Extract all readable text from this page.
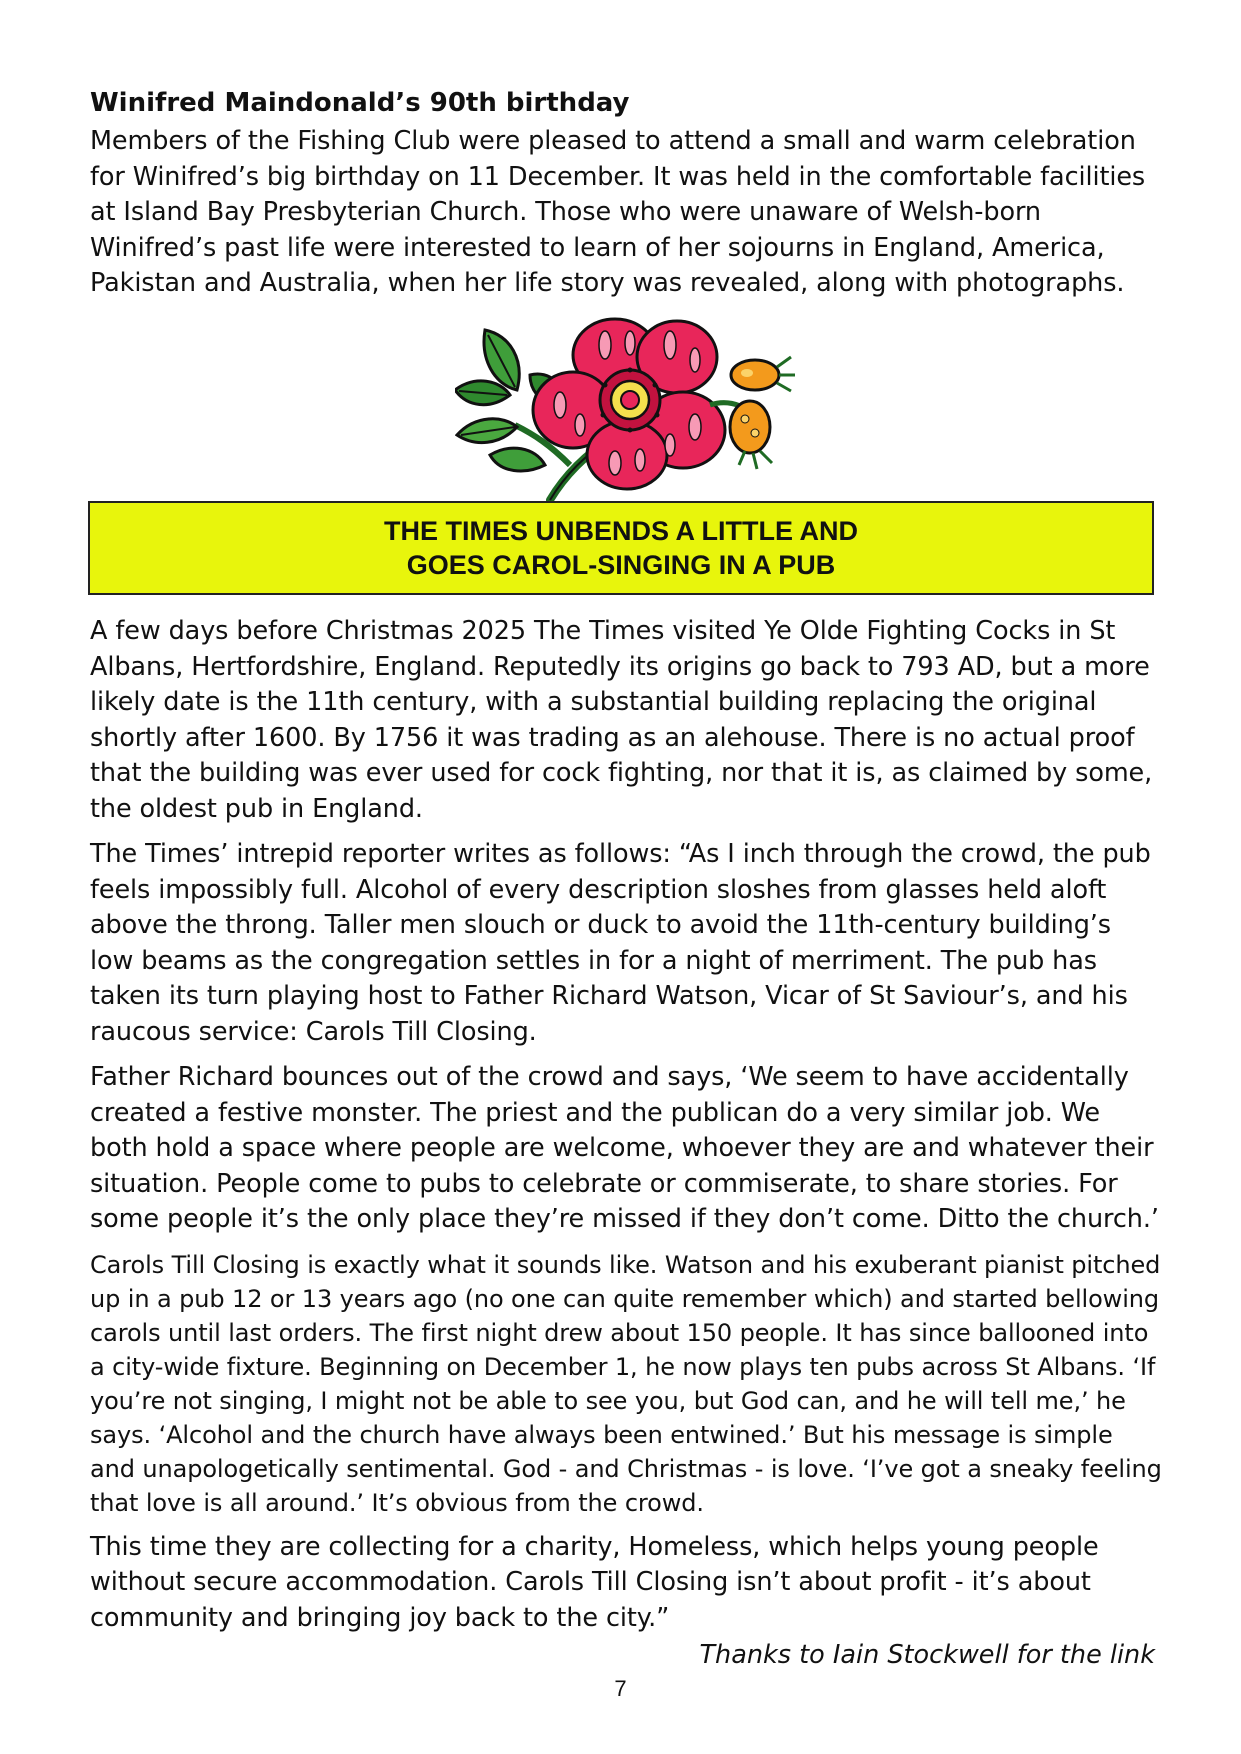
Winifred Maindonald’s 90th birthday

Members of the Fishing Club were pleased to attend a small and warm celebration for Winifred’s big birthday on 11 December. It was held in the comfortable facilities at Island Bay Presbyterian Church. Those who were unaware of Welsh-born Winifred’s past life were interested to learn of her sojourns in England, America, Pakistan and Australia, when her life story was revealed, along with photographs.

THE TIMES UNBENDS A LITTLE AND
GOES CAROL-SINGING IN A PUB

A few days before Christmas 2025 The Times visited Ye Olde Fighting Cocks in St Albans, Hertfordshire, England. Reputedly its origins go back to 793 AD, but a more likely date is the 11th century, with a substantial building replacing the original shortly after 1600. By 1756 it was trading as an alehouse. There is no actual proof that the building was ever used for cock fighting, nor that it is, as claimed by some, the oldest pub in England.

The Times’ intrepid reporter writes as follows: “As I inch through the crowd, the pub feels impossibly full. Alcohol of every description sloshes from glasses held aloft above the throng. Taller men slouch or duck to avoid the 11th-century building’s low beams as the congregation settles in for a night of merriment. The pub has taken its turn playing host to Father Richard Watson, Vicar of St Saviour’s, and his raucous service: Carols Till Closing.

Father Richard bounces out of the crowd and says, ‘We seem to have accidentally created a festive monster. The priest and the publican do a very similar job. We both hold a space where people are welcome, whoever they are and whatever their situation. People come to pubs to celebrate or commiserate, to share stories. For some people it’s the only place they’re missed if they don’t come. Ditto the church.’

Carols Till Closing is exactly what it sounds like. Watson and his exuberant pianist pitched up in a pub 12 or 13 years ago (no one can quite remember which) and started bellowing carols until last orders. The first night drew about 150 people. It has since ballooned into a city-wide fixture. Beginning on December 1, he now plays ten pubs across St Albans. ‘If you’re not singing, I might not be able to see you, but God can, and he will tell me,’ he says. ‘Alcohol and the church have always been entwined.’ But his message is simple and unapologetically sentimental. God - and Christmas - is love. ‘I’ve got a sneaky feeling that love is all around.’ It’s obvious from the crowd.

This time they are collecting for a charity, Homeless, which helps young people without secure accommodation. Carols Till Closing isn’t about profit - it’s about community and bringing joy back to the city.”

Thanks to Iain Stockwell for the link
7
